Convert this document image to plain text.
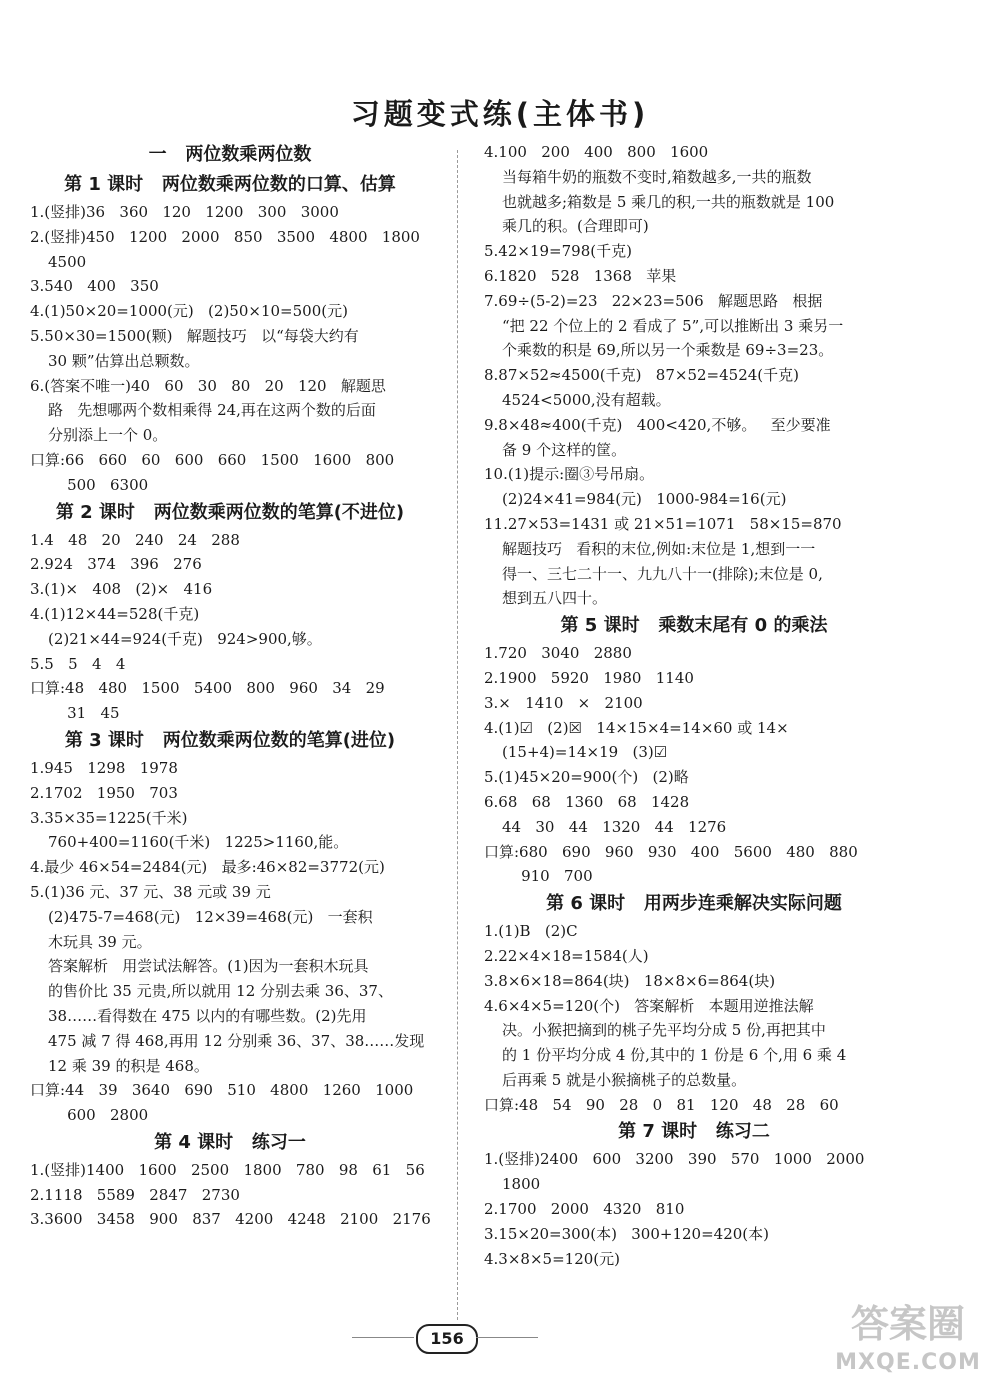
习题变式练(主体书)
一   两位数乘两位数
第 1 课时   两位数乘两位数的口算、估算
1.(竖排)36   360   120   1200   300   3000
2.(竖排)450   1200   2000   850   3500   4800   1800
4500
3.540   400   350
4.(1)50×20=1000(元)   (2)50×10=500(元)
5.50×30=1500(颗)   解题技巧   以“每袋大约有
30 颗”估算出总颗数。
6.(答案不唯一)40   60   30   80   20   120   解题思
路   先想哪两个数相乘得 24,再在这两个数的后面
分别添上一个 0。
口算:66   660   60   600   660   1500   1600   800
500   6300
第 2 课时   两位数乘两位数的笔算(不进位)
1.4   48   20   240   24   288
2.924   374   396   276
3.(1)×   408   (2)×   416
4.(1)12×44=528(千克)
(2)21×44=924(千克)   924>900,够。
5.5   5   4   4
口算:48   480   1500   5400   800   960   34   29
31   45
第 3 课时   两位数乘两位数的笔算(进位)
1.945   1298   1978
2.1702   1950   703
3.35×35=1225(千米)
760+400=1160(千米)   1225>1160,能。
4.最少 46×54=2484(元)   最多:46×82=3772(元)
5.(1)36 元、37 元、38 元或 39 元
(2)475-7=468(元)   12×39=468(元)   一套积
木玩具 39 元。
答案解析   用尝试法解答。(1)因为一套积木玩具
的售价比 35 元贵,所以就用 12 分别去乘 36、37、
38……看得数在 475 以内的有哪些数。(2)先用
475 减 7 得 468,再用 12 分别乘 36、37、38……发现
12 乘 39 的积是 468。
口算:44   39   3640   690   510   4800   1260   1000
600   2800
第 4 课时   练习一
1.(竖排)1400   1600   2500   1800   780   98   61   56
2.1118   5589   2847   2730
3.3600   3458   900   837   4200   4248   2100   2176
4.100   200   400   800   1600
当每箱牛奶的瓶数不变时,箱数越多,一共的瓶数
也就越多;箱数是 5 乘几的积,一共的瓶数就是 100
乘几的积。(合理即可)
5.42×19=798(千克)
6.1820   528   1368   苹果
7.69÷(5-2)=23   22×23=506   解题思路   根据
“把 22 个位上的 2 看成了 5”,可以推断出 3 乘另一
个乘数的积是 69,所以另一个乘数是 69÷3=23。
8.87×52≈4500(千克)   87×52=4524(千克)
4524<5000,没有超载。
9.8×48≈400(千克)   400<420,不够。   至少要准
备 9 个这样的筐。
10.(1)提示:圈③号吊扇。
(2)24×41=984(元)   1000-984=16(元)
11.27×53=1431 或 21×51=1071   58×15=870
解题技巧   看积的末位,例如:末位是 1,想到一一
得一、三七二十一、九九八十一(排除);末位是 0,
想到五八四十。
第 5 课时   乘数末尾有 0 的乘法
1.720   3040   2880
2.1900   5920   1980   1140
3.×   1410   ×   2100
4.(1)☑   (2)☒   14×15×4=14×60 或 14×
(15+4)=14×19   (3)☑
5.(1)45×20=900(个)   (2)略
6.68   68   1360   68   1428
44   30   44   1320   44   1276
口算:680   690   960   930   400   5600   480   880
910   700
第 6 课时   用两步连乘解决实际问题
1.(1)B   (2)C
2.22×4×18=1584(人)
3.8×6×18=864(块)   18×8×6=864(块)
4.6×4×5=120(个)   答案解析   本题用逆推法解
决。小猴把摘到的桃子先平均分成 5 份,再把其中
的 1 份平均分成 4 份,其中的 1 份是 6 个,用 6 乘 4
后再乘 5 就是小猴摘桃子的总数量。
口算:48   54   90   28   0   81   120   48   28   60
第 7 课时   练习二
1.(竖排)2400   600   3200   390   570   1000   2000
1800
2.1700   2000   4320   810
3.15×20=300(本)   300+120=420(本)
4.3×8×5=120(元)
156	答案圈
MXQE.COM
